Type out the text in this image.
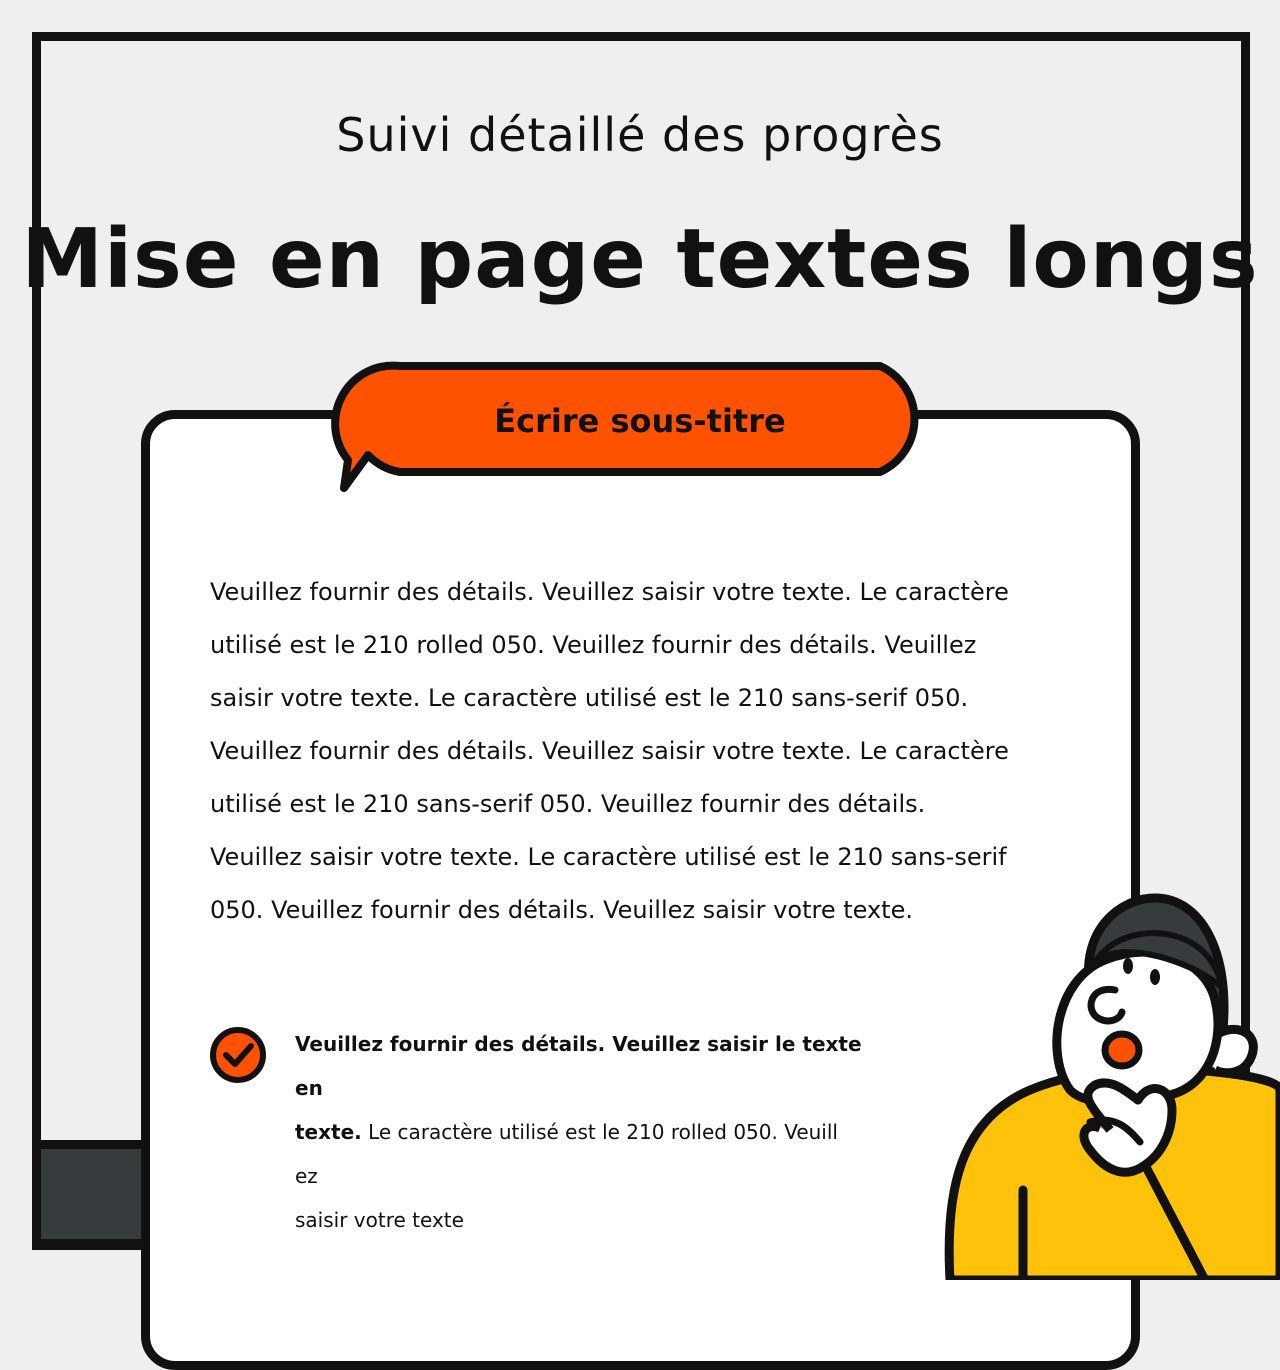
Suivi détaillé des progrès
Mise en page textes longs
Écrire sous-titre
Veuillez fournir des détails. Veuillez saisir votre texte. Le caractère
utilisé est le 210 rolled 050. Veuillez fournir des détails. Veuillez
saisir votre texte. Le caractère utilisé est le 210 sans-serif 050.
Veuillez fournir des détails. Veuillez saisir votre texte. Le caractère
utilisé est le 210 sans-serif 050. Veuillez fournir des détails.
Veuillez saisir votre texte. Le caractère utilisé est le 210 sans-serif
050. Veuillez fournir des détails. Veuillez saisir votre texte.
Veuillez fournir des détails. Veuillez saisir le texte en
texte. Le caractère utilisé est le 210 rolled 050. Veuill
ez
saisir votre texte
